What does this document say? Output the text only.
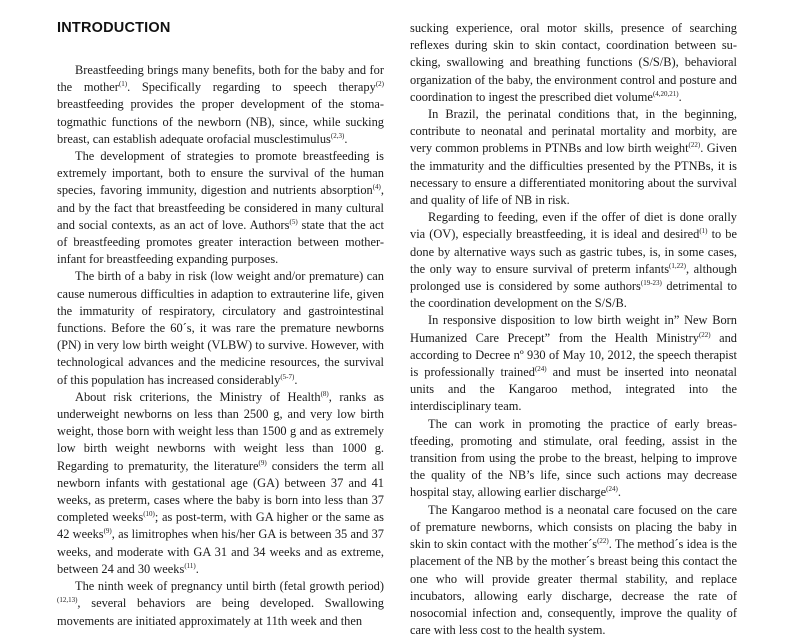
INTRODUCTION

Breastfeeding brings many benefits, both for the baby and for the mother$^{(1)}$. Specifically regarding to speech therapy$^{(2)}$ breastfeeding provides the proper development of the stomatogmathic functions of the newborn (NB), since, while sucking breast, can establish adequate orofacial musclestimulus$^{(2,3)}$.

The development of strategies to promote breastfeeding is extremely important, both to ensure the survival of the human species, favoring immunity, digestion and nutrients absorption$^{(4)}$, and by the fact that breastfeeding be considered in many cultural and social contexts, as an act of love. Authors$^{(5)}$ state that the act of breastfeeding promotes greater interaction between mother-infant for breastfeeding expanding purposes.

The birth of a baby in risk (low weight and/or premature) can cause numerous difficulties in adaption to extrauterine life, given the immaturity of respiratory, circulatory and gastrointestinal functions. Before the 60´s, it was rare the premature newborns (PN) in very low birth weight (VLBW) to survive. However, with technological advances and the medicine resources, the survival of this population has increased considerably$^{(5-7)}$.

About risk criterions, the Ministry of Health$^{(8)}$, ranks as underweight newborns on less than 2500 g, and very low birth weight, those born with weight less than 1500 g and as extremely low birth weight newborns with weight less than 1000 g. Regarding to prematurity, the literature$^{(9)}$ considers the term all newborn infants with gestational age (GA) between 37 and 41 weeks, as preterm, cases where the baby is born into less than 37 completed weeks$^{(10)}$; as post-term, with GA higher or the same as 42 weeks$^{(9)}$, as limitrophes when his/her GA is between 35 and 37 weeks, and moderate with GA 31 and 34 weeks and as extreme, between 24 and 30 weeks$^{(11)}$.

The ninth week of pregnancy until birth (fetal growth period)$^{(12,13)}$, several behaviors are being developed. Swallowing movements are initiated approximately at 11th week and then

sucking experience, oral motor skills, presence of searching reflexes during skin to skin contact, coordination between sucking, swallowing and breathing functions (S/S/B), behavioral organization of the baby, the environment control and posture and coordination to ingest the prescribed diet volume$^{(4,20,21)}$.

In Brazil, the perinatal conditions that, in the beginning, contribute to neonatal and perinatal mortality and morbity, are very common problems in PTNBs and low birth weight$^{(22)}$. Given the immaturity and the difficulties presented by the PTNBs, it is necessary to ensure a differentiated monitoring about the survival and quality of life of NB in risk.

Regarding to feeding, even if the offer of diet is done orally via (OV), especially breastfeeding, it is ideal and desired$^{(1)}$ to be done by alternative ways such as gastric tubes, is, in some cases, the only way to ensure survival of preterm infants$^{(1,22)}$, although prolonged use is considered by some authors$^{(19-23)}$ detrimental to the coordination development on the S/S/B.

In responsive disposition to low birth weight in” New Born Humanized Care Precept” from the Health Ministry$^{(22)}$ and according to Decree nº 930 of May 10, 2012, the speech therapist is professionally trained$^{(24)}$ and must be inserted into neonatal units and the Kangaroo method, integrated into the interdisciplinary team.

The can work in promoting the practice of early breastfeeding, promoting and stimulate, oral feeding, assist in the transition from using the probe to the breast, helping to improve the quality of the NB’s life, since such actions may decrease hospital stay, allowing earlier discharge$^{(24)}$.

The Kangaroo method is a neonatal care focused on the care of premature newborns, which consists on placing the baby in skin to skin contact with the $mother´s^{(22)}$. The method´s idea is the placement of the NB by the mother´s breast being this contact the one who will provide greater thermal stability, and replace incubators, allowing early discharge, decrease the rate of nosocomial infection and, consequently, improve the quality of care with less cost to the health system.
